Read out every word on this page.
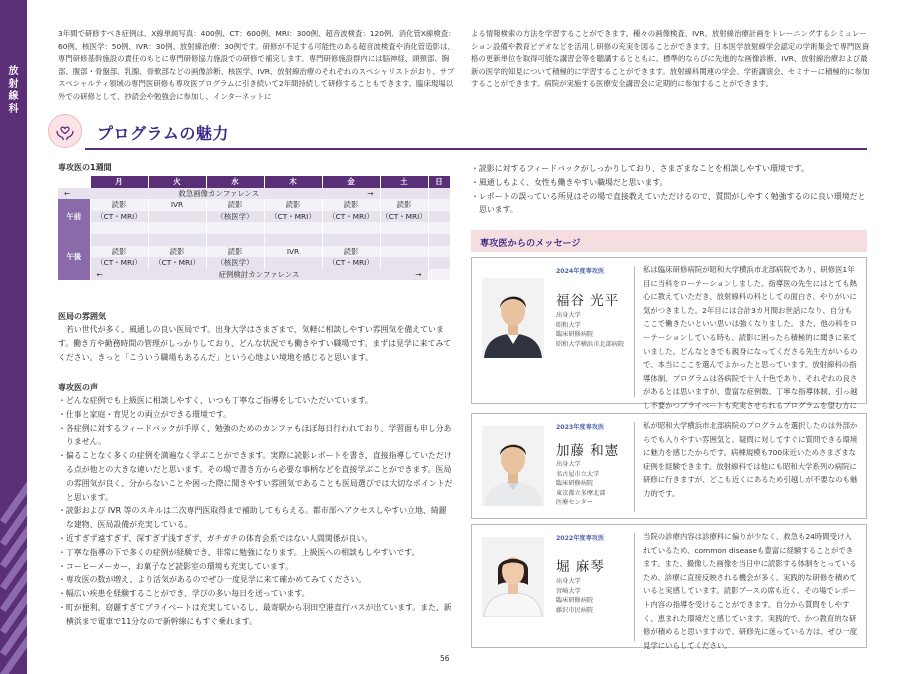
放
射
線
科

3年間で研修すべき症例は、X線単純写真：400例、CT：600例、MRI：300例、超音波検査：120例、消化管X線検査：60例、核医学：50例、IVR：30例、放射線治療：30例です。研修が不足する可能性のある超音波検査や消化管造影は、専門研修基幹施設の責任のもとに専門研修協力施設での研修で補完します。専門研修施設群内には脳神経、頭頸部、胸部、腹部・骨盤部、乳腺、骨軟部などの画像診断、核医学、IVR、放射線治療のそれぞれのスペシャリストがおり、サブスペシャルティ領域の専門医研修も専攻医プログラムに引き続いて2年間持続して研修することもできます。臨床現場以外での研修として、抄読会や勉強会に参加し、インターネットに

よる情報検索の方法を学習することができます。種々の画像検査、IVR、放射線治療計画をトレーニングするシミュレーション設備や教育ビデオなどを活用し研修の充実を図ることができます。日本医学放射線学会認定の学術集会で専門医資格の更新単位を取得可能な講習会等を聴講するとともに、標準的ならびに先進的な画像診断、IVR、放射線治療および最新の医学的知見について積極的に学習することができます。放射線科関連の学会、学術講演会、セミナーに積極的に参加することができます。病院が実施する医療安全講習会に定期的に参加することができます。

プログラムの魅力
専攻医の1週間
	月	火	水	木	金	土	日

← 救急画像カンファレンス →							

午前	読影	IVR	読影	読影	読影	読影	
	（CT・MRI）		（核医学）	（CT・MRI）	（CT・MRI）	（CT・MRI）	

午後							
	読影	読影	読影	IVR	読影		
	（CT・MRI）	（CT・MRI）	（核医学）		（CT・MRI）		

	← 症例検討カンファレンス →						

医局の雰囲気

若い世代が多く、風通しの良い医局です。出身大学はさまざまで、気軽に相談しやすい雰囲気を備えています。働き方や勤務時間の管理がしっかりしており、どんな状況でも働きやすい職場です。まずは見学に来てみてください。きっと「こういう職場もあるんだ」という心地よい境地を感じると思います。

専攻医の声
・ どんな症例でも上級医に相談しやすく、いつも丁寧なご指導をしていただいています。
・ 仕事と家庭・育児との両立ができる環境です。
・ 各症例に対するフィードバックが手厚く、勉強のためのカンファもほぼ毎日行われており、学習面も申し分ありません。
・ 偏ることなく多くの症例を満遍なく学ぶことができます。実際に読影レポートを書き、直接指導していただける点が他との大きな違いだと思います。その場で書き方から必要な事柄などを直接学ぶことができます。医局の雰囲気が良く、分からないことや困った際に聞きやすい雰囲気であることも医局選びでは大切なポイントだと思います。
・ 読影および IVR 等のスキルは二次専門医取得まで補助してもらえる。都市部へアクセスしやすい立地、綺麗な建物、医局設備が充実している。
・ 近すぎず遠すぎず、深すぎず浅すぎず、ガチガチの体育会系ではない人間関係が良い。
・ 丁寧な指導の下で多くの症例が経験でき、非常に勉強になります。上級医への相談もしやすいです。
・ コーヒーメーカー、お菓子など読影室の環境も充実しています。
・ 専攻医の数が増え、より活気があるのでぜひ一度見学に来て確かめてみてください。
・ 幅広い疾患を経験することができ、学びの多い毎日を送っています。
・ 町が便利、窃麗すぎてプライベートは充実しているし、最寄駅から羽田空港直行バスが出ています。また、新横浜まで電車で11分なので新幹線にもすぐ乗れます。
・ 読影に対するフィードバックがしっかりしており、さまざまなことを相談しやすい環境です。
・ 風通しもよく、女性も働きやすい職場だと思います。
・ レポートの誤っている所見はその場で直接教えていただけるので、質問がしやすく勉強するのに良い環境だと思います。
専攻医からのメッセージ
2024年度専攻医
福谷 光平
出身大学
昭和大学
臨床研修病院
昭和大学横浜市北部病院

私は臨床研修病院が昭和大学横浜市北部病院であり、研修医1年目に当科をローテーションしました。指導医の先生にはとても熱心に教えていただき、放射線科の科としての面白さ、やりがいに気がつきました。2年目には合計3カ月間お世話になり、自分もここで働きたいといい思いは強くなりました。また、他の科をローテーションしている時も、読影に困ったら積極的に聞きに来ていました。どんなときでも親身になってくださる先生方がいるので、本当にここを選んでよかったと思っています。放射線科の指導体制、プログラムは各病院で十人十色であり、それぞれの良さがあるとは思いますが、豊富な症例数、丁寧な指導体制、引っ越し不要かつプライベートも充実させられるプログラムを望む方に

2023年度専攻医
加藤 和憲
出身大学
名古屋市立大学
臨床研修病院
東京都立多摩北部
医療センター

私が昭和大学横浜市北部病院のプログラムを選択したのは外部からでも入りやすい雰囲気と、疑問に対してすぐに質問できる環境に魅力を感じたからです。病棟規模も700床近いためさまざまな症例を経験できます。放射線科では他にも昭和大学系列の病院に研修に行きますが、どこも近くにあるため引越しが不要なのも魅力的です。

2022年度専攻医
堀 麻琴
出身大学
宮崎大学
臨床研修病院
藤沢市民病院

当院の診療内容は診療科に偏りが少なく、救急も24時間受け入れているため、common diseaseも豊富に経験することができます。また、撮像した画像を当日中に読影する体制をとっているため、診療に直接反映される機会が多く、実践的な研修を積めていると実感しています。読影ブースの席も近く、その場でレポート内容の指導を受けることができます。自分から質問をしやすく、恵まれた環境だと感じています。実践的で、かつ教育的な研修が積めると思いますので、研修先に迷っている方は、ぜひ一度見学にいらしてください。

56
